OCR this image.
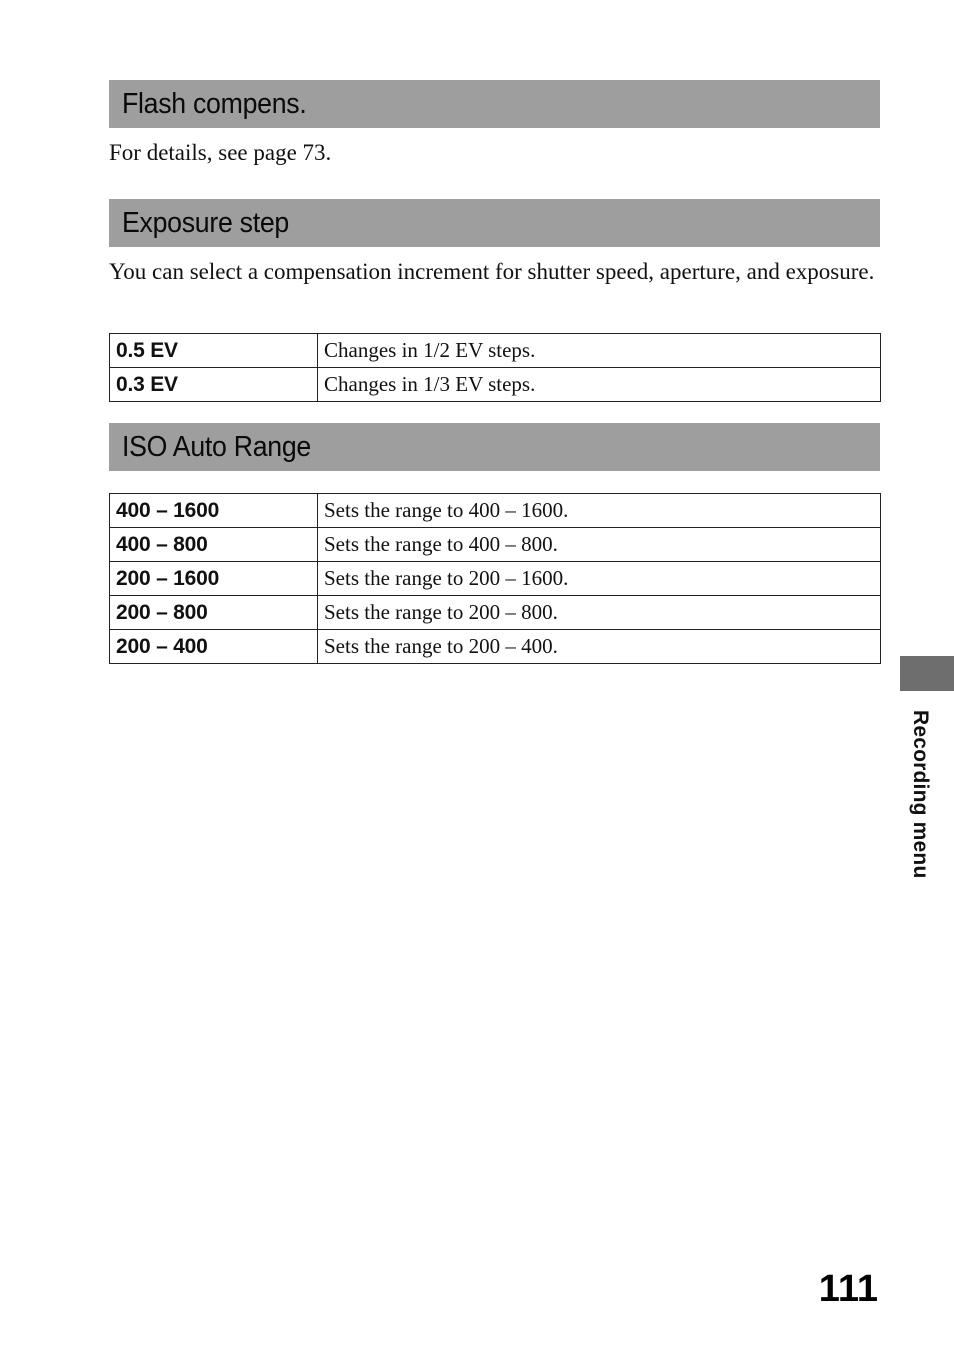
Flash compens.
For details, see page 73.
Exposure step
You can select a compensation increment for shutter speed, aperture, and exposure.
0.5 EV	Changes in 1/2 EV steps.
0.3 EV	Changes in 1/3 EV steps.
ISO Auto Range
400 – 1600	Sets the range to 400 – 1600.
400 – 800	Sets the range to 400 – 800.
200 – 1600	Sets the range to 200 – 1600.
200 – 800	Sets the range to 200 – 800.
200 – 400	Sets the range to 200 – 400.
Recording menu
111
